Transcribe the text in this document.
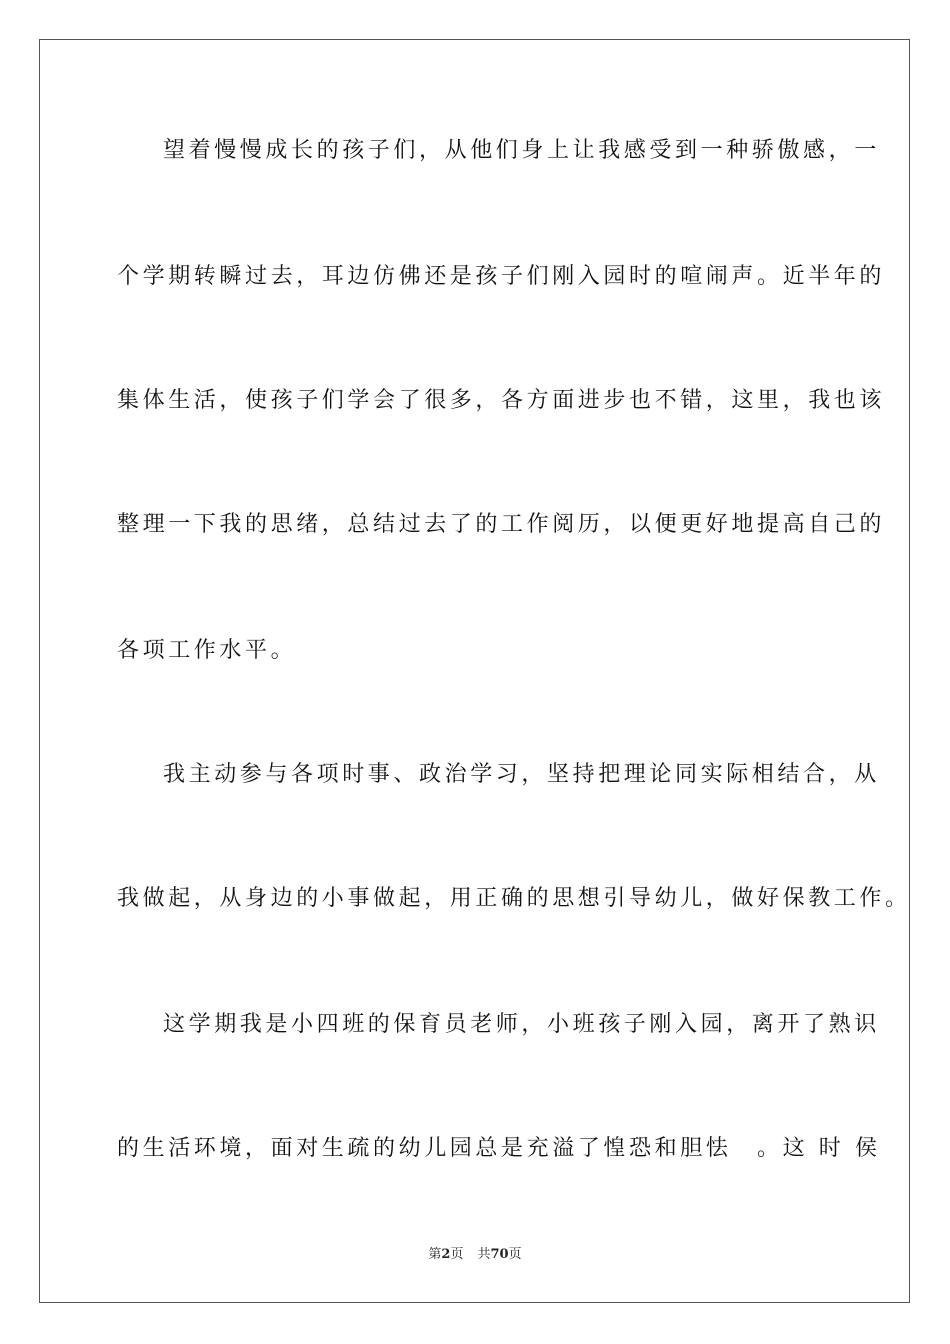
望着慢慢成长的孩子们，从他们身上让我感受到一种骄傲感，一
个学期转瞬过去，耳边仿佛还是孩子们刚入园时的喧闹声。近半年的
集体生活，使孩子们学会了很多，各方面进步也不错，这里，我也该
整理一下我的思绪，总结过去了的工作阅历，以便更好地提高自己的
各项工作水平。
我主动参与各项时事、政治学习，坚持把理论同实际相结合，从
我做起，从身边的小事做起，用正确的思想引导幼儿，做好保教工作。
这学期我是小四班的保育员老师，小班孩子刚入园，离开了熟识
的生活环境，面对生疏的幼儿园总是充溢了惶恐和胆怯　。这 时 侯
第2页 共70页
